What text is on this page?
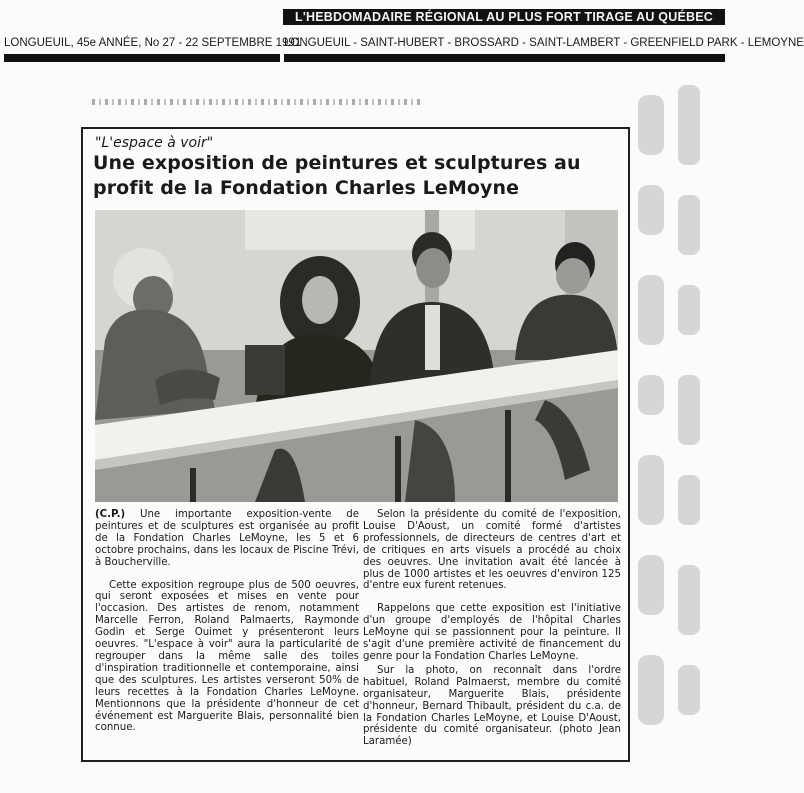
L'HEBDOMADAIRE RÉGIONAL AU PLUS FORT TIRAGE AU QUÉBEC
LONGUEUIL, 45e ANNÉE, No 27 - 22 SEPTEMBRE 1991
LONGUEUIL - SAINT-HUBERT - BROSSARD - SAINT-LAMBERT - GREENFIELD PARK - LEMOYNE
"L'espace à voir"
Une exposition de peintures et sculptures au
profit de la Fondation Charles LeMoyne

(C.P.) Une importante exposition-vente de peintures et de sculptures est organisée au profit de la Fondation Charles LeMoyne, les 5 et 6 octobre prochains, dans les locaux de Piscine Trévi, à Boucherville.

Cette exposition regroupe plus de 500 oeuvres, qui seront exposées et mises en vente pour l'occasion. Des artistes de renom, notamment Marcelle Ferron, Roland Palmaerts, Raymonde Godin et Serge Ouimet y présenteront leurs oeuvres. "L'espace à voir" aura la particularité de regrouper dans la même salle des toiles d'inspiration traditionnelle et contemporaine, ainsi que des sculptures. Les artistes verseront 50% de leurs recettes à la Fondation Charles LeMoyne. Mentionnons que la présidente d'honneur de cet événement est Marguerite Blais, personnalité bien connue.

Selon la présidente du comité de l'exposition, Louise D'Aoust, un comité formé d'artistes professionnels, de directeurs de centres d'art et de critiques en arts visuels a procédé au choix des oeuvres. Une invitation avait été lancée à plus de 1000 artistes et les oeuvres d'environ 125 d'entre eux furent retenues.

Rappelons que cette exposition est l'initiative d'un groupe d'employés de l'hôpital Charles LeMoyne qui se passionnent pour la peinture. Il s'agit d'une première activité de financement du genre pour la Fondation Charles LeMoyne.

Sur la photo, on reconnaît dans l'ordre habituel, Roland Palmaerst, membre du comité organisateur, Marguerite Blais, présidente d'honneur, Bernard Thibault, président du c.a. de la Fondation Charles LeMoyne, et Louise D'Aoust, présidente du comité organisateur. (photo Jean Laramée)
